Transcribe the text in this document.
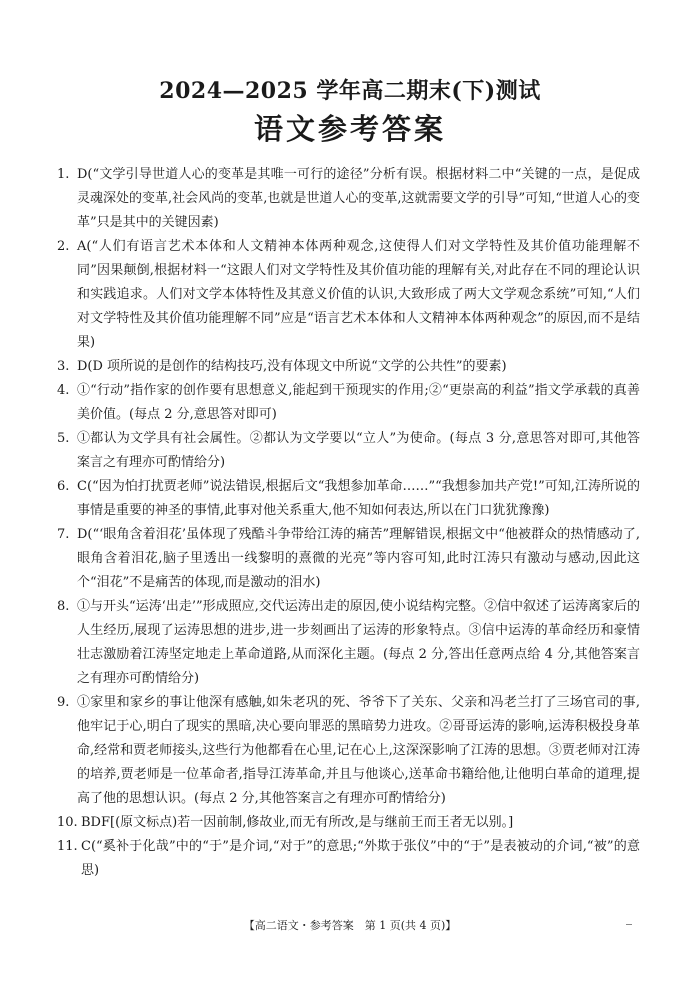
2024—2025 学年高二期末(下)测试
语文参考答案
1. D(“文学引导世道人心的变革是其唯一可行的途径”分析有误。根据材料二中“关键的一点，是促成灵魂深处的变革,社会风尚的变革,也就是世道人心的变革,这就需要文学的引导”可知,“世道人心的变革”只是其中的关键因素)
2. A(“人们有语言艺术本体和人文精神本体两种观念,这使得人们对文学特性及其价值功能理解不同”因果颠倒,根据材料一“这跟人们对文学特性及其价值功能的理解有关,对此存在不同的理论认识和实践追求。人们对文学本体特性及其意义价值的认识,大致形成了两大文学观念系统”可知,“人们对文学特性及其价值功能理解不同”应是“语言艺术本体和人文精神本体两种观念”的原因,而不是结果)
3. D(D 项所说的是创作的结构技巧,没有体现文中所说“文学的公共性”的要素)
4. ①“行动”指作家的创作要有思想意义,能起到干预现实的作用;②“更崇高的利益”指文学承载的真善美价值。(每点 2 分,意思答对即可)
5. ①都认为文学具有社会属性。②都认为文学要以“立人”为使命。(每点 3 分,意思答对即可,其他答案言之有理亦可酌情给分)
6. C(“因为怕打扰贾老师”说法错误,根据后文“我想参加革命……”“我想参加共产党!”可知,江涛所说的事情是重要的神圣的事情,此事对他关系重大,他不知如何表达,所以在门口犹犹豫豫)
7. D(“‘眼角含着泪花’虽体现了残酷斗争带给江涛的痛苦”理解错误,根据文中“他被群众的热情感动了,眼角含着泪花,脑子里透出一线黎明的熹微的光亮”等内容可知,此时江涛只有激动与感动,因此这个“泪花”不是痛苦的体现,而是激动的泪水)
8. ①与开头“运涛‘出走’”形成照应,交代运涛出走的原因,使小说结构完整。②信中叙述了运涛离家后的人生经历,展现了运涛思想的进步,进一步刻画出了运涛的形象特点。③信中运涛的革命经历和豪情壮志激励着江涛坚定地走上革命道路,从而深化主题。(每点 2 分,答出任意两点给 4 分,其他答案言之有理亦可酌情给分)
9. ①家里和家乡的事让他深有感触,如朱老巩的死、爷爷下了关东、父亲和冯老兰打了三场官司的事,他牢记于心,明白了现实的黑暗,决心要向罪恶的黑暗势力进攻。②哥哥运涛的影响,运涛积极投身革命,经常和贾老师接头,这些行为他都看在心里,记在心上,这深深影响了江涛的思想。③贾老师对江涛的培养,贾老师是一位革命者,指导江涛革命,并且与他谈心,送革命书籍给他,让他明白革命的道理,提高了他的思想认识。(每点 2 分,其他答案言之有理亦可酌情给分)
10. BDF[(原文标点)若一因前制,修故业,而无有所改,是与继前王而王者无以别。]
11. C(“奚补于化哉”中的“于”是介词,“对于”的意思;“外欺于张仪”中的“于”是表被动的介词,“被”的意思)
【高二语文・参考答案　第 1 页(共 4 页)】
